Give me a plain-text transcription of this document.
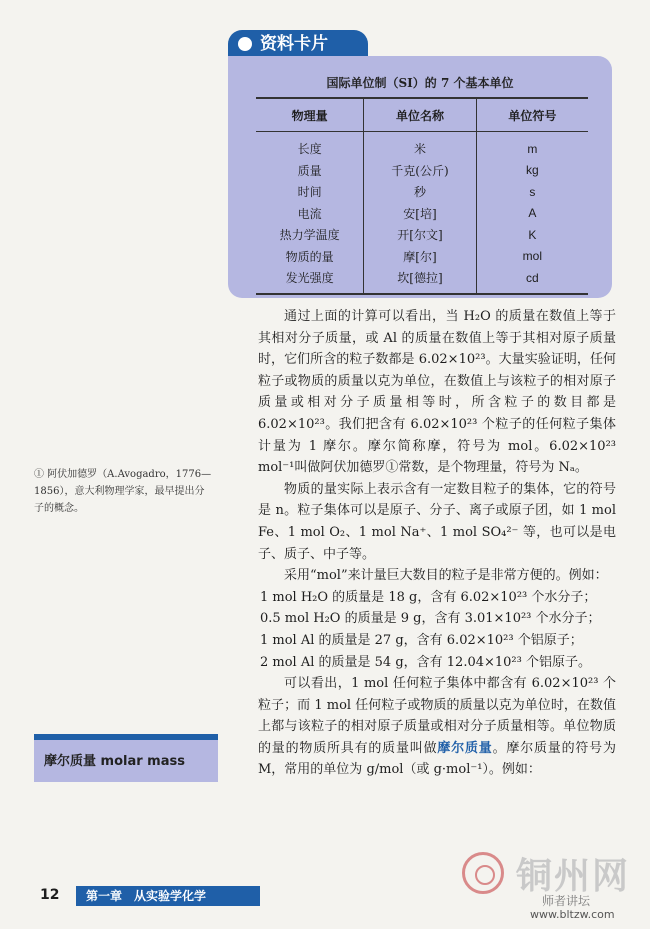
资料卡片
国际单位制（SI）的 7 个基本单位
物理量	单位名称	单位符号
长度	米	m
质量	千克(公斤)	kg
时间	秒	s
电流	安[培]	A
热力学温度	开[尔文]	K
物质的量	摩[尔]	mol
发光强度	坎[德拉]	cd

通过上面的计算可以看出，当 H₂O 的质量在数值上等于其相对分子质量，或 Al 的质量在数值上等于其相对原子质量时，它们所含的粒子数都是 6.02×10²³。大量实验证明，任何粒子或物质的质量以克为单位，在数值上与该粒子的相对原子质量或相对分子质量相等时，所含粒子的数目都是 6.02×10²³。我们把含有 6.02×10²³ 个粒子的任何粒子集体计量为 1 摩尔。摩尔简称摩，符号为 mol。6.02×10²³ mol⁻¹叫做阿伏加德罗①常数，是个物理量，符号为 Nₐ。

物质的量实际上表示含有一定数目粒子的集体，它的符号是 n。粒子集体可以是原子、分子、离子或原子团，如 1 mol Fe、1 mol O₂、1 mol Na⁺、1 mol SO₄²⁻ 等，也可以是电子、质子、中子等。

采用“mol”来计量巨大数目的粒子是非常方便的。例如：

1 mol H₂O 的质量是 18 g，含有 6.02×10²³ 个水分子；

0.5 mol H₂O 的质量是 9 g，含有 3.01×10²³ 个水分子；

1 mol Al 的质量是 27 g，含有 6.02×10²³ 个铝原子；

2 mol Al 的质量是 54 g，含有 12.04×10²³ 个铝原子。

可以看出，1 mol 任何粒子集体中都含有 6.02×10²³ 个粒子；而 1 mol 任何粒子或物质的质量以克为单位时，在数值上都与该粒子的相对原子质量或相对分子质量相等。单位物质的量的物质所具有的质量叫做摩尔质量。摩尔质量的符号为 M，常用的单位为 g/mol（或 g·mol⁻¹）。例如：

① 阿伏加德罗（A.Avogadro，1776—1856），意大利物理学家，最早提出分子的概念。
摩尔质量 molar mass
12	第一章　从实验学化学	铜州网
师者讲坛
www.bltzw.com
